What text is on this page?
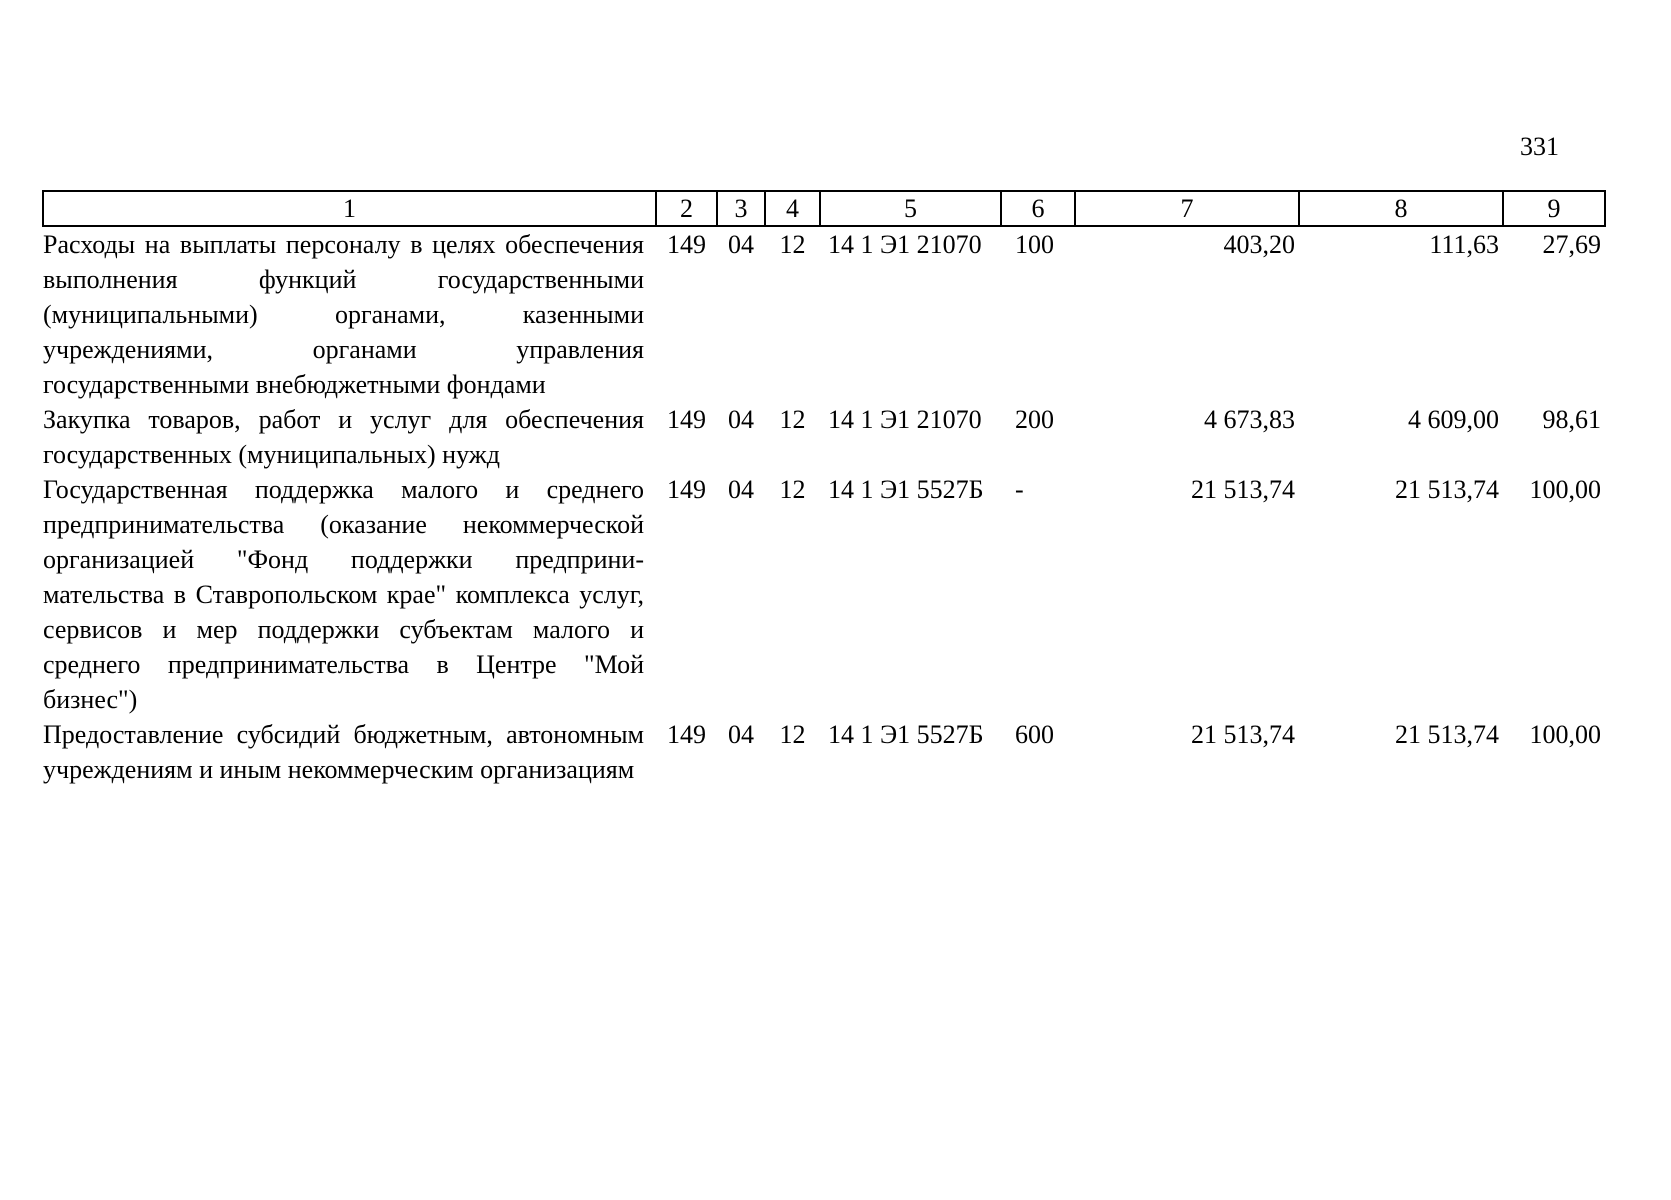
331
1	2	3	4	5	6	7	8	9
Расходы на выплаты персоналу в целях обеспечения выполнения функций государственными (муниципальными) органами, казенными учреждениями, органами управления государственными внебюджетными фондами	149	04	12	14 1 Э1 21070	100	403,20	111,63	27,69
Закупка товаров, работ и услуг для обеспечения государственных (муниципальных) нужд	149	04	12	14 1 Э1 21070	200	4 673,83	4 609,00	98,61
Государственная поддержка малого и среднего предпринимательства (оказание некоммерческой организацией "Фонд поддержки предприни-мательства в Ставропольском крае" комплекса услуг, сервисов и мер поддержки субъектам малого и среднего предпринимательства в Центре "Мой бизнес")	149	04	12	14 1 Э1 5527Б	-	21 513,74	21 513,74	100,00
Предоставление субсидий бюджетным, автономным учреждениям и иным некоммерческим организациям	149	04	12	14 1 Э1 5527Б	600	21 513,74	21 513,74	100,00
